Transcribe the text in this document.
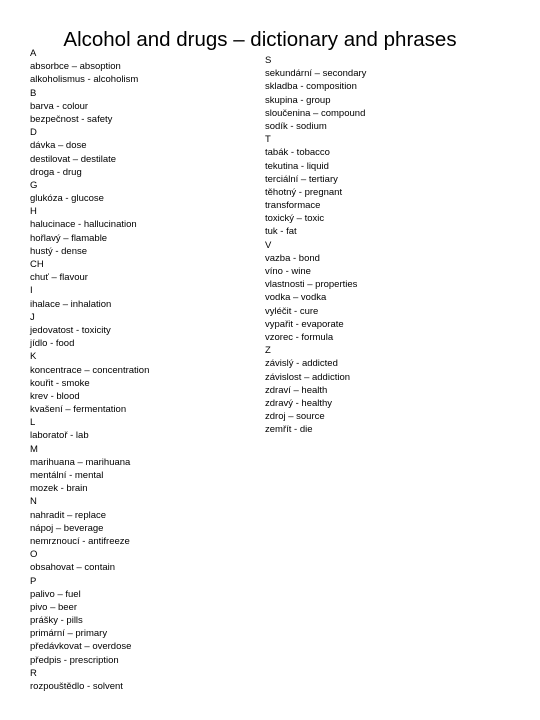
Alcohol and drugs – dictionary and phrases
A
absorbce – absoption
alkoholismus - alcoholism
B
barva - colour
bezpečnost - safety
D
dávka – dose
destilovat – destilate
droga - drug
G
glukóza - glucose
H
halucinace - hallucination
hořlavý – flamable
hustý - dense
CH
chuť – flavour
I
ihalace – inhalation
J
jedovatost - toxicity
jídlo - food
K
koncentrace – concentration
kouřit - smoke
krev - blood
kvašení – fermentation
L
laboratoř - lab
M
marihuana – marihuana
mentální - mental
mozek - brain
N
nahradit – replace
nápoj – beverage
nemrznoucí - antifreeze
O
obsahovat – contain
P
palivo – fuel
pivo – beer
prášky - pills
primární – primary
předávkovat – overdose
předpis - prescription
R
rozpouštědlo - solvent
S
sekundární – secondary
skladba - composition
skupina - group
sloučenina – compound
sodík - sodium
T
tabák - tobacco
tekutina - liquid
terciální – tertiary
těhotný - pregnant
transformace
toxický – toxic
tuk - fat
V
vazba - bond
víno - wine
vlastnosti – properties
vodka – vodka
vyléčit - cure
vypařit - evaporate
vzorec - formula
Z
závislý - addicted
závislost – addiction
zdraví – health
zdravý - healthy
zdroj – source
zemřít - die
